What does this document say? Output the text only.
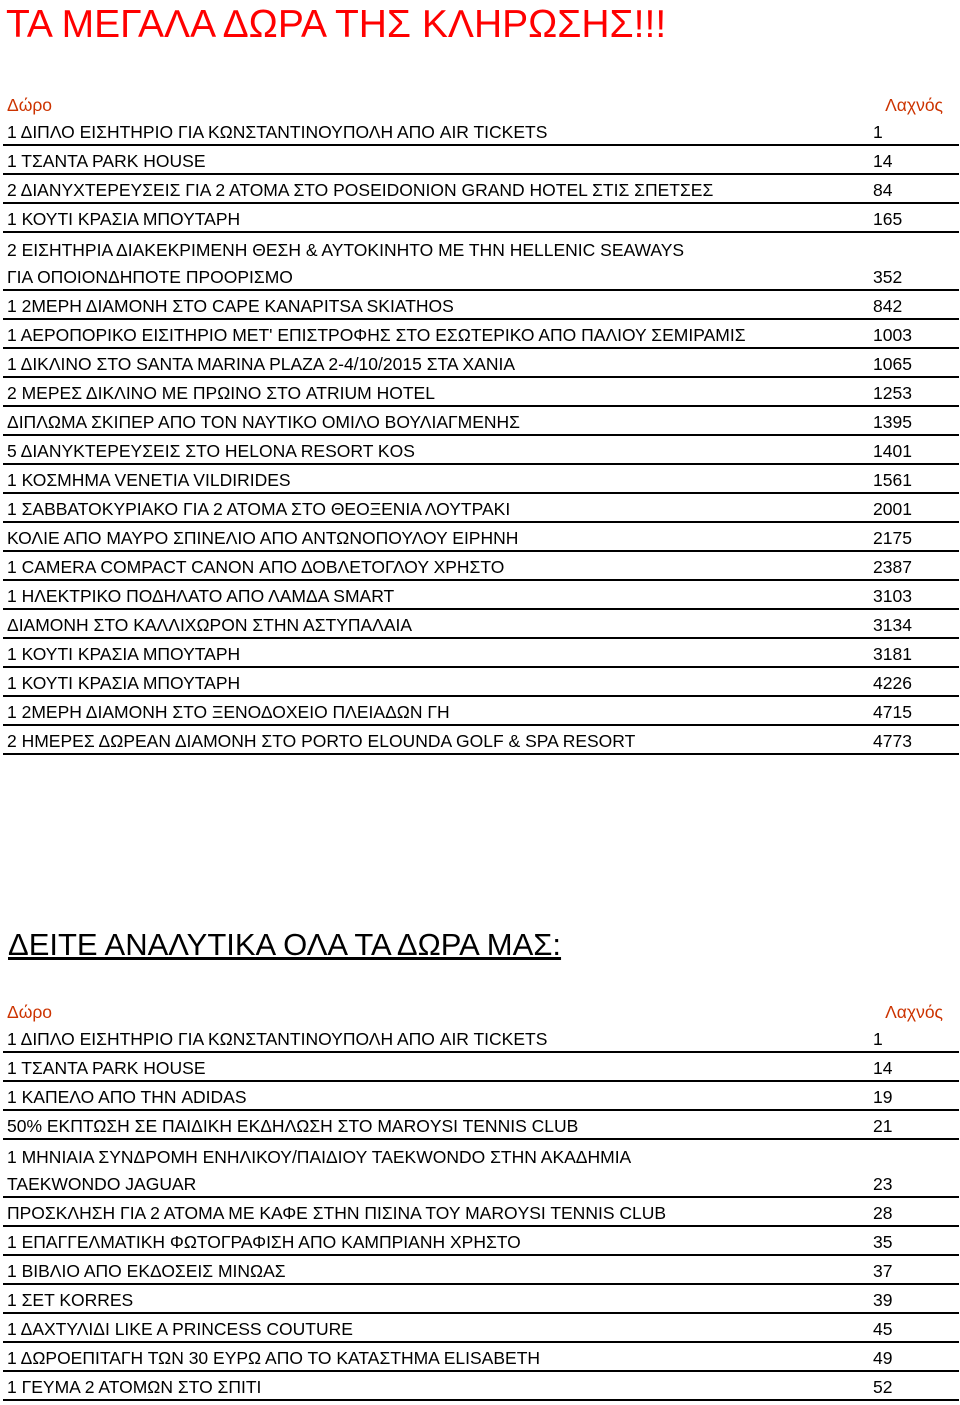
ΤΑ ΜΕΓΑΛΑ ΔΩΡΑ ΤΗΣ ΚΛΗΡΩΣΗΣ!!!
Δώρο	Λαχνός
1 ΔΙΠΛΟ ΕΙΣΗΤΗΡΙΟ ΓΙΑ ΚΩΝΣΤΑΝΤΙΝΟΥΠΟΛΗ ΑΠΟ AIR TICKETS	1
1 ΤΣΑΝΤΑ PARK HOUSE	14
2 ΔΙΑΝΥΧΤΕΡΕΥΣΕΙΣ ΓΙΑ 2 ΑΤΟΜΑ ΣΤΟ POSEIDONION GRAND HOTEL ΣΤΙΣ ΣΠΕΤΣΕΣ	84
1 ΚΟΥΤΙ ΚΡΑΣΙΑ ΜΠΟΥΤΑΡΗ	165
2 ΕΙΣΗΤΗΡΙΑ ΔΙΑΚΕΚΡΙΜΕΝΗ ΘΕΣΗ & ΑΥΤΟΚΙΝΗΤΟ ΜΕ ΤΗΝ HELLENIC SEAWAYS
ΓΙΑ ΟΠΟΙΟΝΔΗΠΟΤΕ ΠΡΟΟΡΙΣΜΟ	352
1 2ΜΕΡΗ ΔΙΑΜΟΝΗ ΣΤΟ CAPE KANAPITSA SKIATHOS	842
1 ΑΕΡΟΠΟΡΙΚΟ ΕΙΣΙΤΗΡΙΟ ΜΕΤ' ΕΠΙΣΤΡΟΦΗΣ ΣΤΟ ΕΣΩΤΕΡΙΚΟ ΑΠΟ ΠΑΛΙΟΥ ΣΕΜΙΡΑΜΙΣ	1003
1 ΔΙΚΛΙΝΟ ΣΤΟ SANTA MARINA PLAZA 2-4/10/2015 ΣΤΑ ΧΑΝΙΑ	1065
2 ΜΕΡΕΣ ΔΙΚΛΙΝΟ ΜΕ ΠΡΩΙΝΟ ΣΤΟ ATRIUM HOTEL	1253
ΔΙΠΛΩΜΑ ΣΚΙΠΕΡ ΑΠΟ ΤΟΝ ΝΑΥΤΙΚΟ ΟΜΙΛΟ ΒΟΥΛΙΑΓΜΕΝΗΣ	1395
5 ΔΙΑΝΥΚΤΕΡΕΥΣΕΙΣ ΣΤΟ HELONA RESORT KOS	1401
1 ΚΟΣΜΗΜΑ VENETIA VILDIRIDES	1561
1 ΣΑΒΒΑΤΟΚΥΡΙΑΚΟ ΓΙΑ 2 ΑΤΟΜΑ ΣΤΟ ΘΕΟΞΕΝΙΑ ΛΟΥΤΡΑΚΙ	2001
ΚΟΛΙΕ ΑΠΟ ΜΑΥΡΟ ΣΠΙΝΕΛΙΟ ΑΠΟ ΑΝΤΩΝΟΠΟΥΛΟΥ ΕΙΡΗΝΗ	2175
1 CAMERA COMPACT CANON ΑΠΟ ΔΟΒΛΕΤΟΓΛΟΥ ΧΡΗΣΤΟ	2387
1 ΗΛΕΚΤΡΙΚΟ ΠΟΔΗΛΑΤΟ ΑΠΟ ΛΑΜΔΑ SMART	3103
ΔΙΑΜΟΝΗ ΣΤΟ ΚΑΛΛΙΧΩΡΟΝ ΣΤΗΝ ΑΣΤΥΠΑΛΑΙΑ	3134
1 ΚΟΥΤΙ ΚΡΑΣΙΑ ΜΠΟΥΤΑΡΗ	3181
1 ΚΟΥΤΙ ΚΡΑΣΙΑ ΜΠΟΥΤΑΡΗ	4226
1 2ΜΕΡΗ ΔΙΑΜΟΝΗ ΣΤΟ ΞΕΝΟΔΟΧΕΙΟ ΠΛΕΙΑΔΩΝ ΓΗ	4715
2 ΗΜΕΡΕΣ ΔΩΡΕΑΝ ΔΙΑΜΟΝΗ ΣΤΟ PORTO ELOUNDA GOLF & SPA RESORT	4773
ΔΕΙΤΕ ΑΝΑΛΥΤΙΚΑ ΟΛΑ ΤΑ ΔΩΡΑ ΜΑΣ:
Δώρο	Λαχνός
1 ΔΙΠΛΟ ΕΙΣΗΤΗΡΙΟ ΓΙΑ ΚΩΝΣΤΑΝΤΙΝΟΥΠΟΛΗ ΑΠΟ AIR TICKETS	1
1 ΤΣΑΝΤΑ PARK HOUSE	14
1 ΚΑΠΕΛΟ ΑΠΟ ΤΗΝ ADIDAS	19
50% ΕΚΠΤΩΣΗ ΣΕ ΠΑΙΔΙΚΗ ΕΚΔΗΛΩΣΗ ΣΤΟ MAROYSI TENNIS CLUB	21
1 ΜΗΝΙΑΙΑ ΣΥΝΔΡΟΜΗ ΕΝΗΛΙΚΟΥ/ΠΑΙΔΙΟΥ TAEKWONDO ΣΤΗΝ ΑΚΑΔΗΜΙΑ
TAEKWONDO JAGUAR	23
ΠΡΟΣΚΛΗΣΗ ΓΙΑ 2 ΑΤΟΜΑ ΜΕ ΚΑΦΕ ΣΤΗΝ ΠΙΣΙΝΑ ΤΟΥ MAROYSI TENNIS CLUB	28
1 ΕΠΑΓΓΕΛΜΑΤΙΚΗ ΦΩΤΟΓΡΑΦΙΣΗ ΑΠΟ ΚΑΜΠΡΙΑΝΗ ΧΡΗΣΤΟ	35
1 ΒΙΒΛΙΟ ΑΠΟ ΕΚΔΟΣΕΙΣ ΜΙΝΩΑΣ	37
1 ΣΕΤ KORRES	39
1 ΔΑΧΤΥΛΙΔΙ LIKE A PRINCESS COUTURE	45
1 ΔΩΡΟΕΠΙΤΑΓΗ ΤΩΝ 30 ΕΥΡΩ ΑΠΟ ΤΟ ΚΑΤΑΣΤΗΜΑ ELISABETH	49
1 ΓΕΥΜΑ 2 ΑΤΟΜΩΝ ΣΤΟ ΣΠΙΤΙ	52
